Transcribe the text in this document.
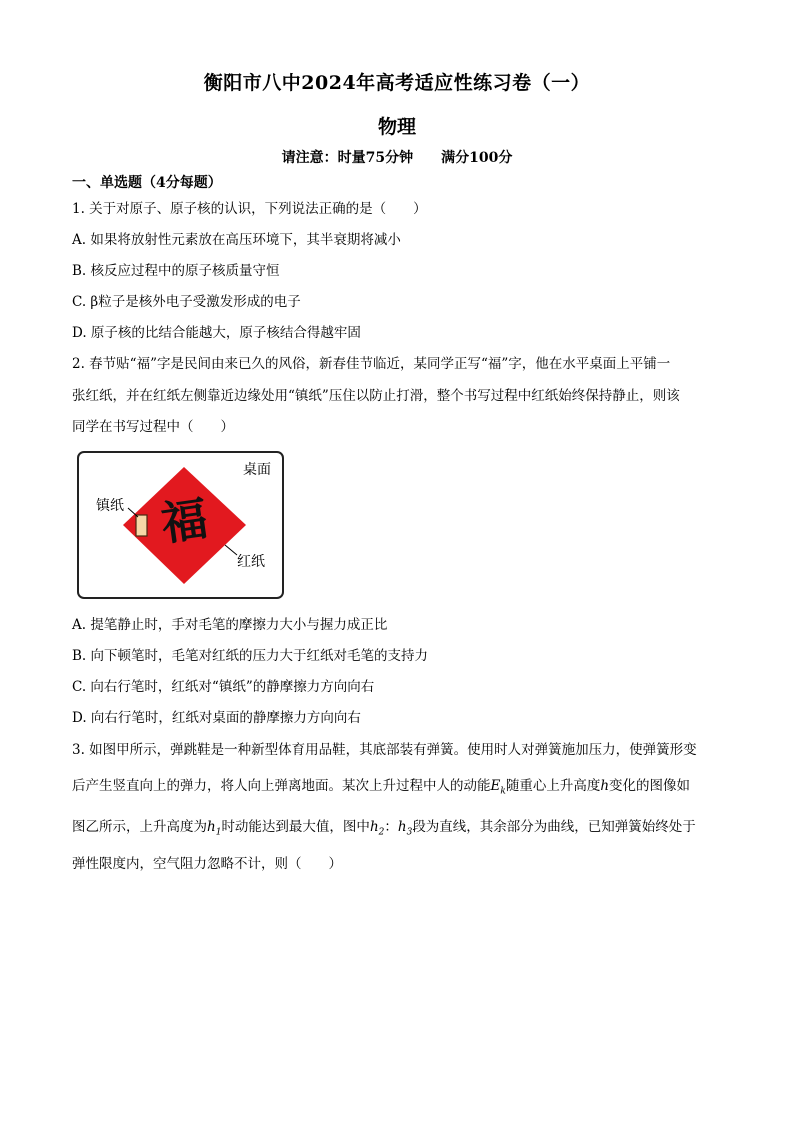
衡阳市八中2024年高考适应性练习卷（一）
物理
请注意：时量75分钟 满分100分
一、单选题（4分每题）
1. 关于对原子、原子核的认识，下列说法正确的是（　　）
A. 如果将放射性元素放在高压环境下，其半衰期将减小
B. 核反应过程中的原子核质量守恒
C. β粒子是核外电子受激发形成的电子
D. 原子核的比结合能越大，原子核结合得越牢固
2. 春节贴“福”字是民间由来已久的风俗，新春佳节临近，某同学正写“福”字，他在水平桌面上平铺一
张红纸，并在红纸左侧靠近边缘处用“镇纸”压住以防止打滑，整个书写过程中红纸始终保持静止，则该
同学在书写过程中（　　）
福
桌面
镇纸
红纸
A. 提笔静止时，手对毛笔的摩擦力大小与握力成正比
B. 向下顿笔时，毛笔对红纸的压力大于红纸对毛笔的支持力
C. 向右行笔时，红纸对“镇纸”的静摩擦力方向向右
D. 向右行笔时，红纸对桌面的静摩擦力方向向右
3. 如图甲所示，弹跳鞋是一种新型体育用品鞋，其底部装有弹簧。使用时人对弹簧施加压力，使弹簧形变
后产生竖直向上的弹力，将人向上弹离地面。某次上升过程中人的动能$E_k$随重心上升高度h变化的图像如
图乙所示，上升高度为$h_1$时动能达到最大值，图中$h_2$：$h_3$段为直线，其余部分为曲线，已知弹簧始终处于
弹性限度内，空气阻力忽略不计，则（　　）
